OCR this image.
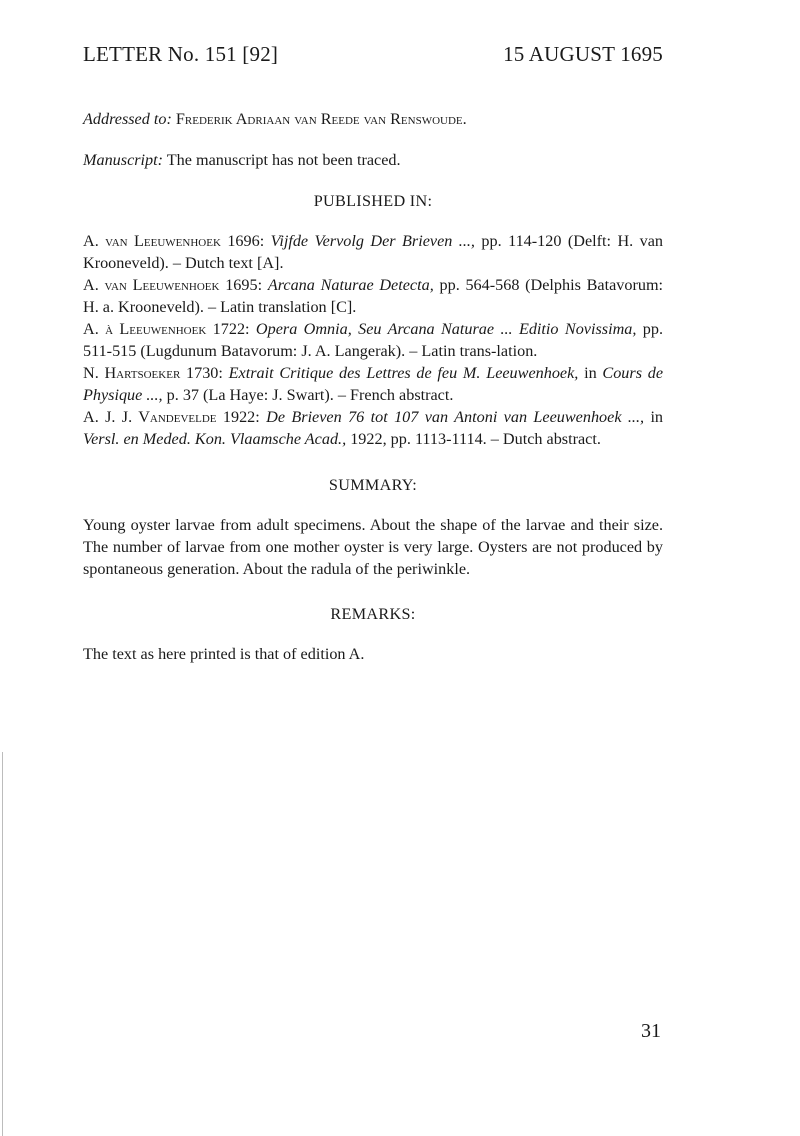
LETTER No. 151 [92]	15 AUGUST 1695

Addressed to: Frederik Adriaan van Reede van Renswoude.

Manuscript: The manuscript has not been traced.

PUBLISHED IN:

A. van Leeuwenhoek 1696: Vijfde Vervolg Der Brieven ..., pp. 114-120 (Delft: H. van Krooneveld). – Dutch text [A].

A. van Leeuwenhoek 1695: Arcana Naturae Detecta, pp. 564-568 (Delphis Batavorum: H. a. Krooneveld). – Latin translation [C].

A. à Leeuwenhoek 1722: Opera Omnia, Seu Arcana Naturae ... Editio Novissima, pp. 511-515 (Lugdunum Batavorum: J. A. Langerak). – Latin trans-lation.

N. Hartsoeker 1730: Extrait Critique des Lettres de feu M. Leeuwenhoek, in Cours de Physique ..., p. 37 (La Haye: J. Swart). – French abstract.

A. J. J. Vandevelde 1922: De Brieven 76 tot 107 van Antoni van Leeuwenhoek ..., in Versl. en Meded. Kon. Vlaamsche Acad., 1922, pp. 1113-1114. – Dutch abstract.

SUMMARY:

Young oyster larvae from adult specimens. About the shape of the larvae and their size. The number of larvae from one mother oyster is very large. Oysters are not produced by spontaneous generation. About the radula of the periwinkle.

REMARKS:

The text as here printed is that of edition A.

31
